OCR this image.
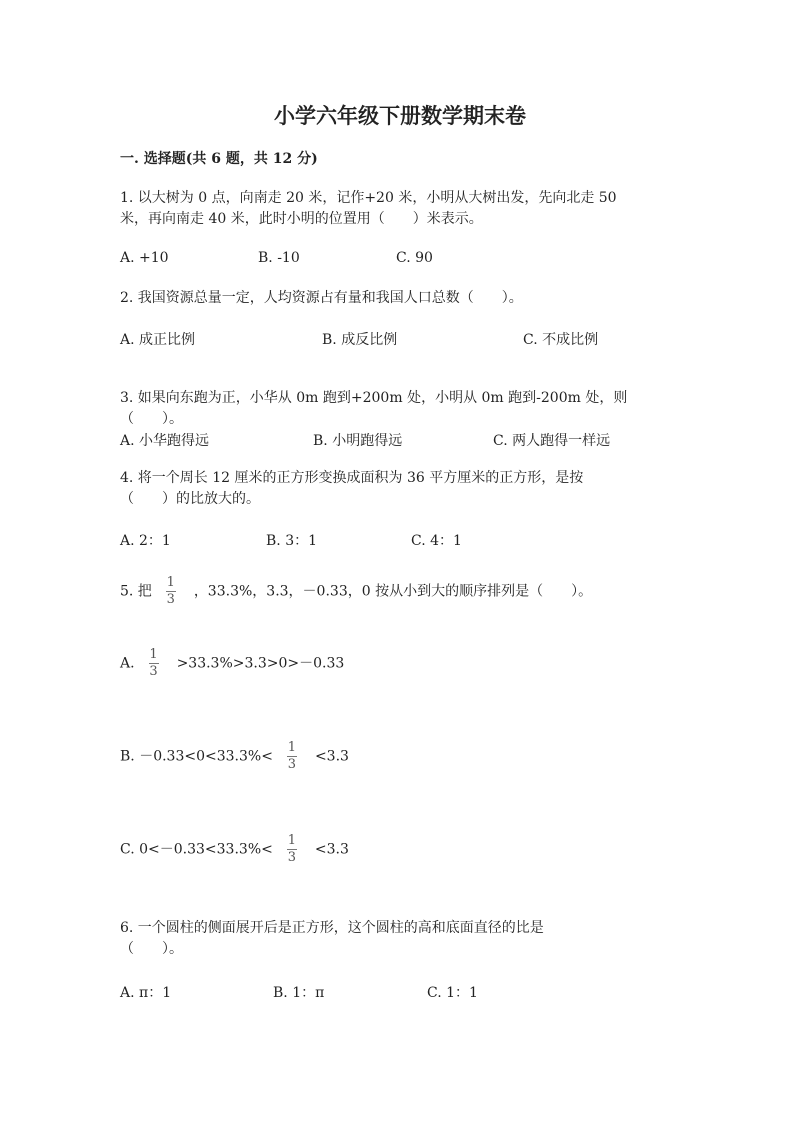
小学六年级下册数学期末卷
一. 选择题(共 6 题，共 12 分)
1. 以大树为 0 点，向南走 20 米，记作+20 米，小明从大树出发，先向北走 50
米，再向南走 40 米，此时小明的位置用（　　）米表示。
A. +10	B. -10	C. 90
2. 我国资源总量一定，人均资源占有量和我国人口总数（　　）。
A. 成正比例	B. 成反比例	C. 不成比例
3. 如果向东跑为正，小华从 0m 跑到+200m 处，小明从 0m 跑到-200m 处，则
（　　）。
A. 小华跑得远	B. 小明跑得远	C. 两人跑得一样远
4. 将一个周长 12 厘米的正方形变换成面积为 36 平方厘米的正方形，是按
（　　）的比放大的。
A. 2：1	B. 3：1	C. 4：1
5. 把 $\frac{1}{3}$ ，33.3%，3.3，－0.33，0 按从小到大的顺序排列是（　　）。
A. $\frac{1}{3} >33.3\%>3.3>0>-0.33$
B. $-0.33<0<33.3\%< \frac{1}{3} <3.3$
C. $0<-0.33<33.3\%< \frac{1}{3} <3.3$
6. 一个圆柱的侧面展开后是正方形，这个圆柱的高和底面直径的比是
（　　）。
A. π：1	B. 1：π	C. 1：1
